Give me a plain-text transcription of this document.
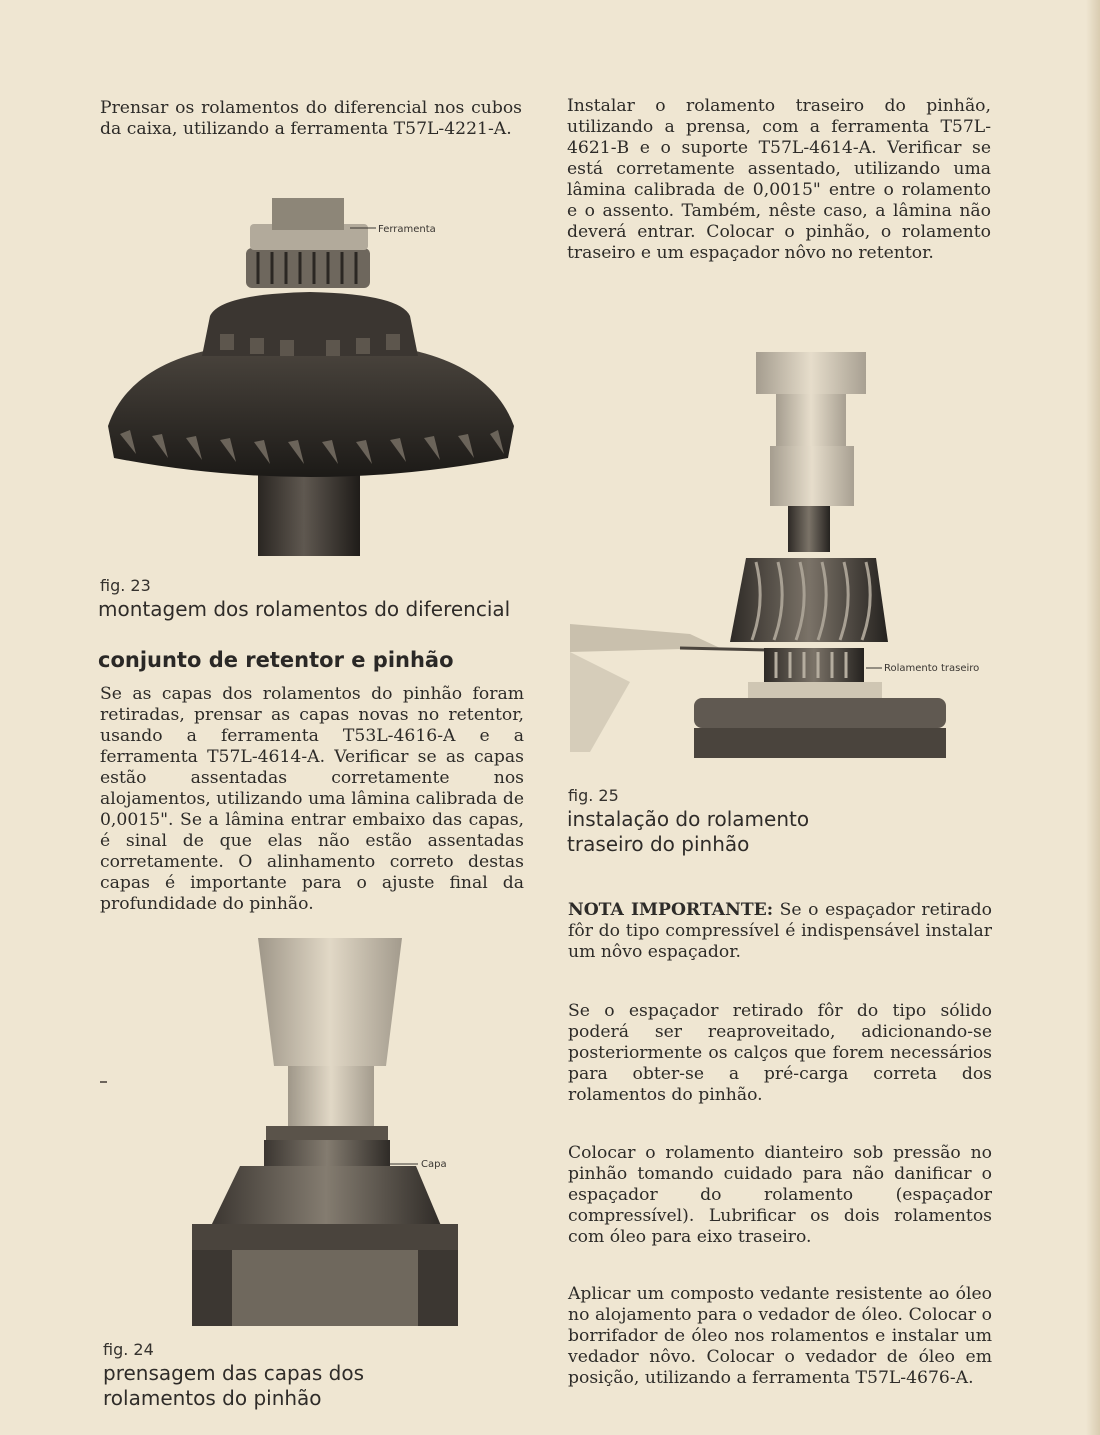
Prensar os rolamentos do diferencial nos cubos da caixa, utilizando a ferramenta T57L-4221-A.

Ferramenta

fig. 23

montagem dos rolamentos do diferencial

conjunto de retentor e pinhão

Se as capas dos rolamentos do pinhão foram retiradas, prensar as capas novas no retentor, usando a ferramenta T53L-4616-A e a ferramenta T57L-4614-A. Verificar se as capas estão assentadas corretamente nos alojamentos, utilizando uma lâmina calibrada de 0,0015". Se a lâmina entrar embaixo das capas, é sinal de que elas não estão assentadas corretamente. O alinhamento correto destas capas é importante para o ajuste final da profundidade do pinhão.

Capa

fig. 24

prensagem das capas dos

rolamentos do pinhão

Instalar o rolamento traseiro do pinhão, utilizando a prensa, com a ferramenta T57L-4621-B e o suporte T57L-4614-A. Verificar se está corretamente assentado, utilizando uma lâmina calibrada de 0,0015" entre o rolamento e o assento. Também, nêste caso, a lâmina não deverá entrar. Colocar o pinhão, o rolamento traseiro e um espaçador nôvo no retentor.

Rolamento traseiro

fig. 25

instalação do rolamento

traseiro do pinhão

NOTA IMPORTANTE: Se o espaçador retirado fôr do tipo compressível é indispensável instalar um nôvo espaçador.

Se o espaçador retirado fôr do tipo sólido poderá ser reaproveitado, adicionando-se posteriormente os calços que forem necessários para obter-se a pré-carga correta dos rolamentos do pinhão.

Colocar o rolamento dianteiro sob pressão no pinhão tomando cuidado para não danificar o espaçador do rolamento (espaçador compressível). Lubrificar os dois rolamentos com óleo para eixo traseiro.

Aplicar um composto vedante resistente ao óleo no alojamento para o vedador de óleo. Colocar o borrifador de óleo nos rolamentos e instalar um vedador nôvo. Colocar o vedador de óleo em posição, utilizando a ferramenta T57L-4676-A.
